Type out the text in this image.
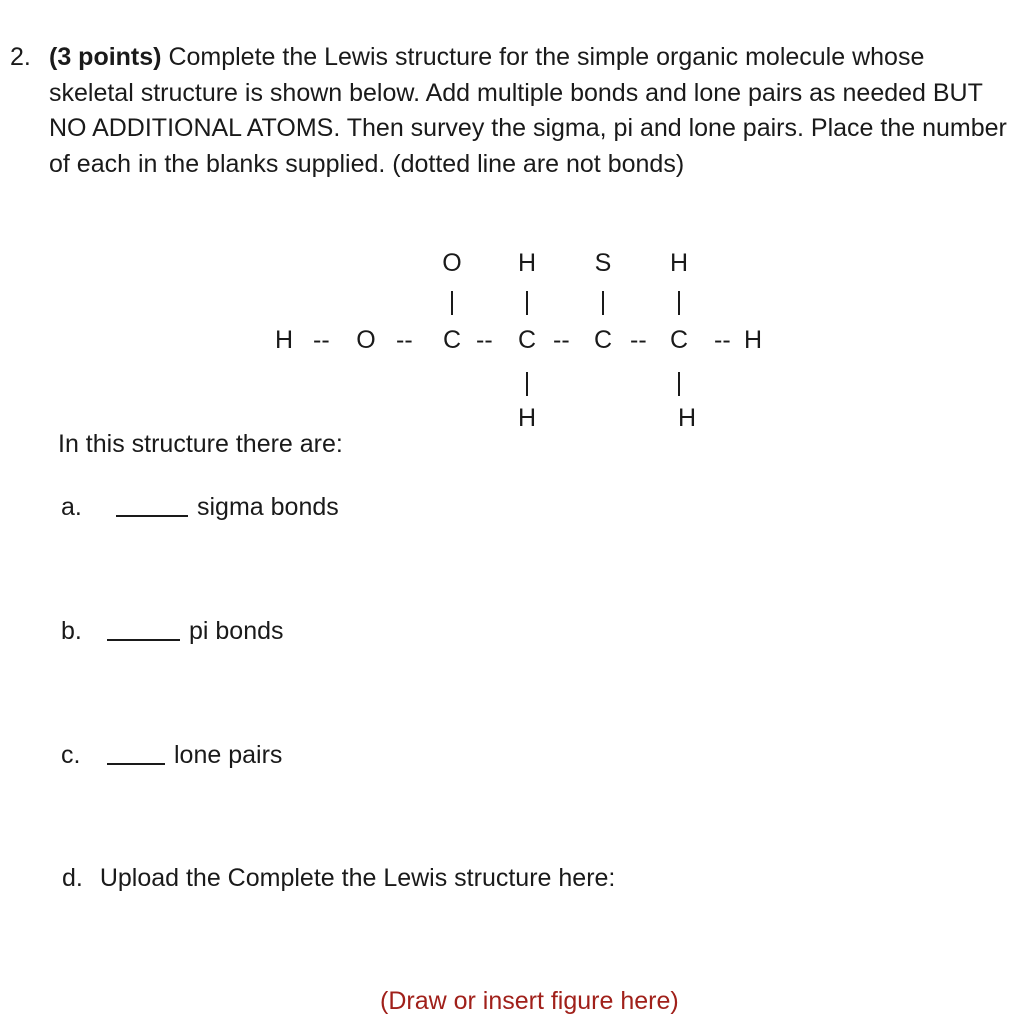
2. (3 points) Complete the Lewis structure for the simple organic molecule whose skeletal structure is shown below. Add multiple bonds and lone pairs as needed BUT NO ADDITIONAL ATOMS. Then survey the sigma, pi and lone pairs. Place the number of each in the blanks supplied. (dotted line are not bonds)
O H S H
H -- O -- C -- C -- C -- C -- H
H	H
In this structure there are:
a.	sigma bonds
b.	pi bonds
c.	lone pairs
d. Upload the Complete the Lewis structure here:
(Draw or insert figure here)
